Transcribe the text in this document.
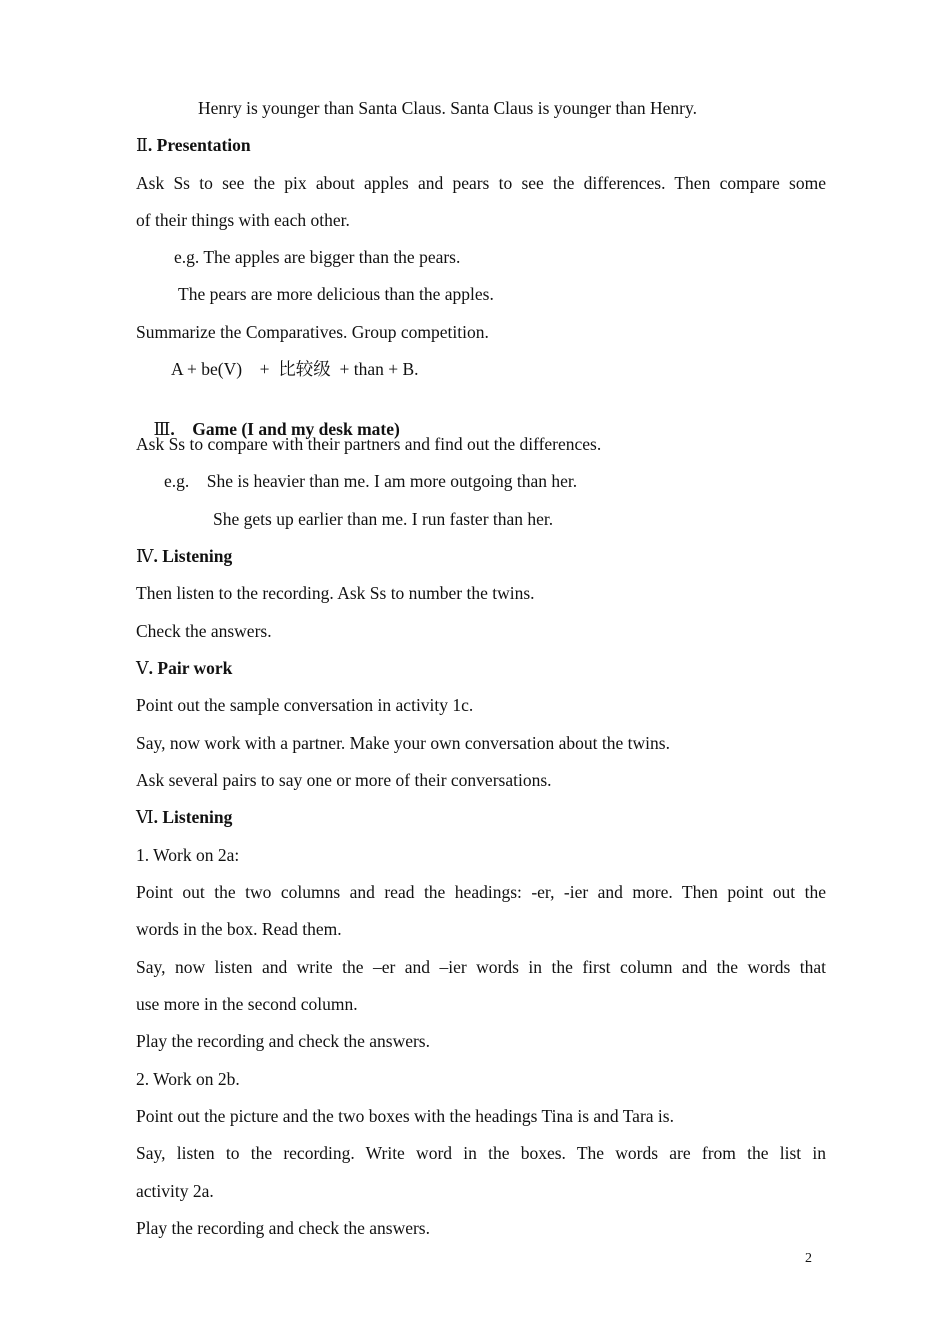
Henry is younger than Santa Claus. Santa Claus is younger than Henry.
Ⅱ. Presentation
Ask Ss to see the pix about apples and pears to see the differences. Then compare some
of their things with each other.
e.g. The apples are bigger than the pears.
The pears are more delicious than the apples.
Summarize the Comparatives. Group competition.
A + be(V)    +  比较级  + than + B.

Ⅲ.    Game (I and my desk mate)

Ask Ss to compare with their partners and find out the differences.
e.g.    She is heavier than me. I am more outgoing than her.
She gets up earlier than me. I run faster than her.
Ⅳ. Listening
Then listen to the recording. Ask Ss to number the twins.
Check the answers.
Ⅴ. Pair work
Point out the sample conversation in activity 1c.
Say, now work with a partner. Make your own conversation about the twins.
Ask several pairs to say one or more of their conversations.
Ⅵ. Listening
1. Work on 2a:
Point out the two columns and read the headings: -er, -ier and more. Then point out the
words in the box. Read them.
Say, now listen and write the –er and –ier words in the first column and the words that
use more in the second column.
Play the recording and check the answers.
2. Work on 2b.
Point out the picture and the two boxes with the headings Tina is and Tara is.
Say, listen to the recording. Write word in the boxes. The words are from the list in
activity 2a.
Play the recording and check the answers.
2
